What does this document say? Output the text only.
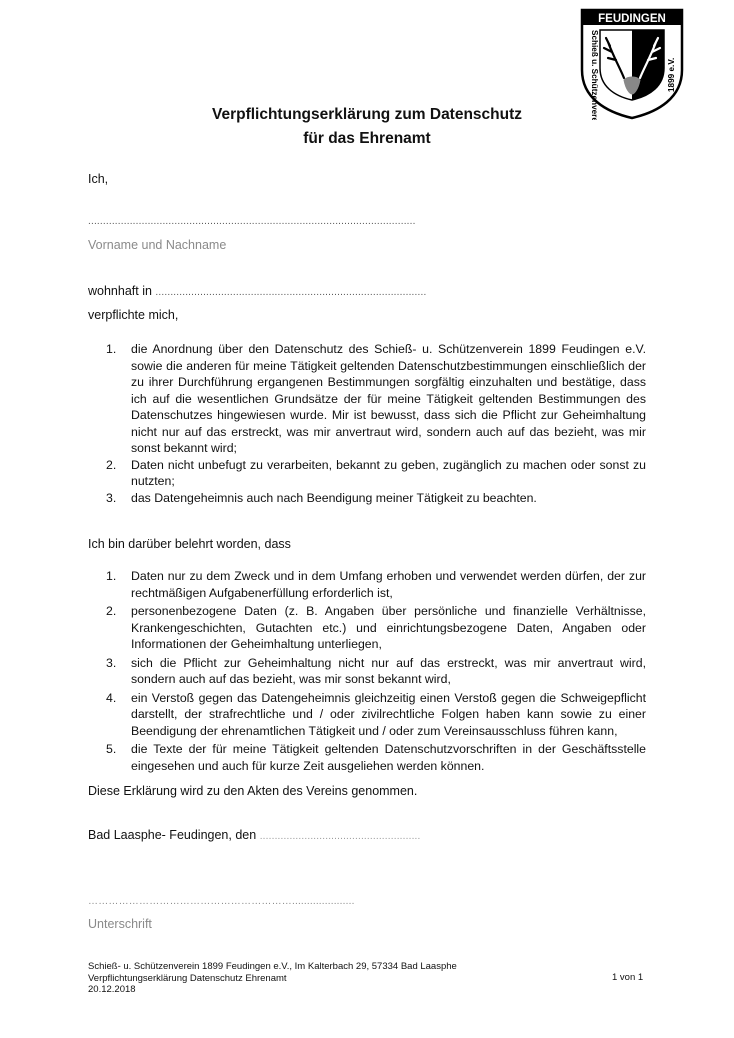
FEUDINGEN
Schieß u. Schützenverein	1899 e.V.
Verpflichtungserklärung zum Datenschutz
für das Ehrenamt
Ich,
..............................................................................................................
Vorname und Nachname
wohnhaft in ...........................................................................................
verpflichte mich,
1. die Anordnung über den Datenschutz des Schieß- u. Schützenverein 1899 Feudingen e.V. sowie die anderen für meine Tätigkeit geltenden Datenschutzbestimmungen einschließlich der zu ihrer Durchführung ergangenen Bestimmungen sorgfältig einzuhalten und bestätige, dass ich auf die wesentlichen Grundsätze der für meine Tätigkeit geltenden Bestimmungen des Datenschutzes hingewiesen wurde. Mir ist bewusst, dass sich die Pflicht zur Geheimhaltung nicht nur auf das erstreckt, was mir anvertraut wird, sondern auch auf das bezieht, was mir sonst bekannt wird;
2. Daten nicht unbefugt zu verarbeiten, bekannt zu geben, zugänglich zu machen oder sonst zu nutzten;
3. das Datengeheimnis auch nach Beendigung meiner Tätigkeit zu beachten.
Ich bin darüber belehrt worden, dass
1. Daten nur zu dem Zweck und in dem Umfang erhoben und verwendet werden dürfen, der zur rechtmäßigen Aufgabenerfüllung erforderlich ist,
2. personenbezogene Daten (z. B. Angaben über persönliche und finanzielle Verhältnisse, Krankengeschichten, Gutachten etc.) und einrichtungsbezogene Daten, Angaben oder Informationen der Geheimhaltung unterliegen,
3. sich die Pflicht zur Geheimhaltung nicht nur auf das erstreckt, was mir anvertraut wird, sondern auch auf das bezieht, was mir sonst bekannt wird,
4. ein Verstoß gegen das Datengeheimnis gleichzeitig einen Verstoß gegen die Schweigepflicht darstellt, der strafrechtliche und / oder zivilrechtliche Folgen haben kann sowie zu einer Beendigung der ehrenamtlichen Tätigkeit und / oder zum Vereinsausschluss führen kann,
5. die Texte der für meine Tätigkeit geltenden Datenschutzvorschriften in der Geschäftsstelle eingesehen und auch für kurze Zeit ausgeliehen werden können.
Diese Erklärung wird zu den Akten des Vereins genommen.
Bad Laasphe- Feudingen, den ......................................................
…………………………………………………….....................
Unterschrift
Schieß- u. Schützenverein 1899 Feudingen e.V., Im Kalterbach 29, 57334 Bad Laasphe
Verpflichtungserklärung Datenschutz Ehrenamt
20.12.2018
1 von 1
